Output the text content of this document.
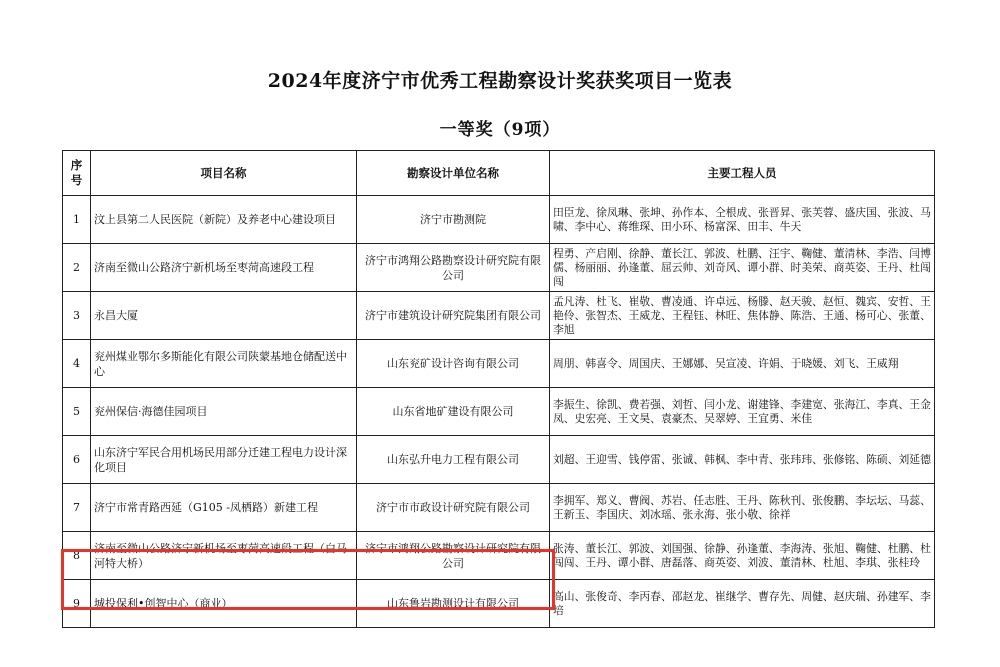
2024年度济宁市优秀工程勘察设计奖获奖项目一览表
一等奖（9项）
序号	项目名称	勘察设计单位名称	主要工程人员
1	汶上县第二人民医院（新院）及养老中心建设项目	济宁市勘测院	田臣龙、徐凤琳、张坤、孙作本、仝根成、张晋昇、张芙蓉、盛庆国、张波、马啸、李中心、蒋维琛、田小环、杨富深、田丰、牛天
2	济南至微山公路济宁新机场至枣菏高速段工程	济宁市鸿翔公路勘察设计研究院有限公司	程勇、产启刚、徐静、董长江、郭波、杜鹏、汪宇、鞠健、董清林、李浩、闫博儒、杨丽丽、孙逢董、屈云帅、刘奇风、谭小群、时美荣、商英姿、王丹、杜闯闯
3	永昌大厦	济宁市建筑设计研究院集团有限公司	孟凡涛、杜飞、崔敬、曹凌通、许卓远、杨滕、赵天骏、赵恒、魏宾、安哲、王艳伶、张智杰、王威龙、王程钰、林旺、焦体静、陈浩、王通、杨可心、张董、李旭
4	兖州煤业鄂尔多斯能化有限公司陕蒙基地仓储配送中心	山东兖矿设计咨询有限公司	周朋、韩喜令、周国庆、王娜娜、吴宣凌、许娟、于晓媛、刘飞、王威翔
5	兖州保信·海德佳园项目	山东省地矿建设有限公司	李振生、徐凯、费若强、刘哲、闫小龙、谢建锋、李建宽、张海江、李真、王金凤、史宏亮、王文昊、袁豪杰、吴翠婷、王宜勇、米佳
6	山东济宁军民合用机场民用部分迁建工程电力设计深化项目	山东弘升电力工程有限公司	刘超、王迎雪、钱停雷、张诚、韩枫、李中青、张玮玮、张修铭、陈硕、刘延德
7	济宁市常青路西延（G105 -凤栖路）新建工程	济宁市市政设计研究院有限公司	李拥军、郑义、曹阀、苏岩、任志胜、王丹、陈秋刊、张俊鹏、李坛坛、马蕊、王新玉、李国庆、刘冰瑶、张永海、张小敬、徐祥
8	济南至微山公路济宁新机场至枣菏高速段工程（白马河特大桥）	济宁市鸿翔公路勘察设计研究院有限公司	张涛、董长江、郭波、刘国强、徐静、孙逢董、李海涛、张旭、鞠健、杜鹏、杜闯闯、王丹、谭小群、唐磊落、商英姿、刘波、董清林、杜旭、李琪、张桂玲
9	城投保利•创智中心（商业）	山东鲁岩勘测设计有限公司	高山、张俊奇、李丙春、邵赵龙、崔继学、曹存先、周健、赵庆瑞、孙建军、李培
